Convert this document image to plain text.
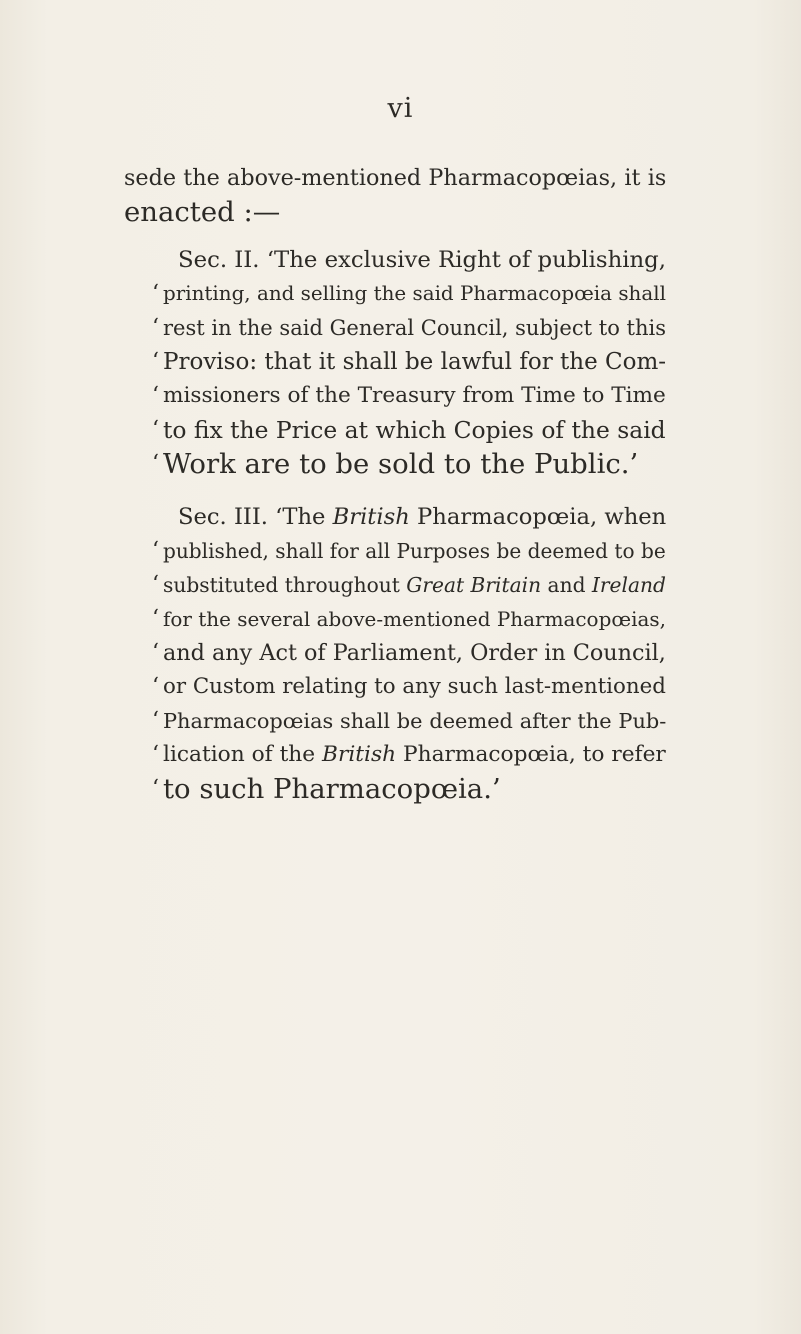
vi
sede the above-mentioned Pharmacopœias, it is
enacted :—
Sec. II. ‘The exclusive Right of publishing,
‘ printing, and selling the said Pharmacopœia shall
‘ rest in the said General Council, subject to this
‘ Proviso: that it shall be lawful for the Com-
‘ missioners of the Treasury from Time to Time
‘ to fix the Price at which Copies of the said
‘ Work are to be sold to the Public.’
Sec. III. ‘The British Pharmacopœia, when
‘ published, shall for all Purposes be deemed to be
‘ substituted throughout Great Britain and Ireland
‘ for the several above-mentioned Pharmacopœias,
‘ and any Act of Parliament, Order in Council,
‘ or Custom relating to any such last-mentioned
‘ Pharmacopœias shall be deemed after the Pub-
‘ lication of the British Pharmacopœia, to refer
‘ to such Pharmacopœia.’
